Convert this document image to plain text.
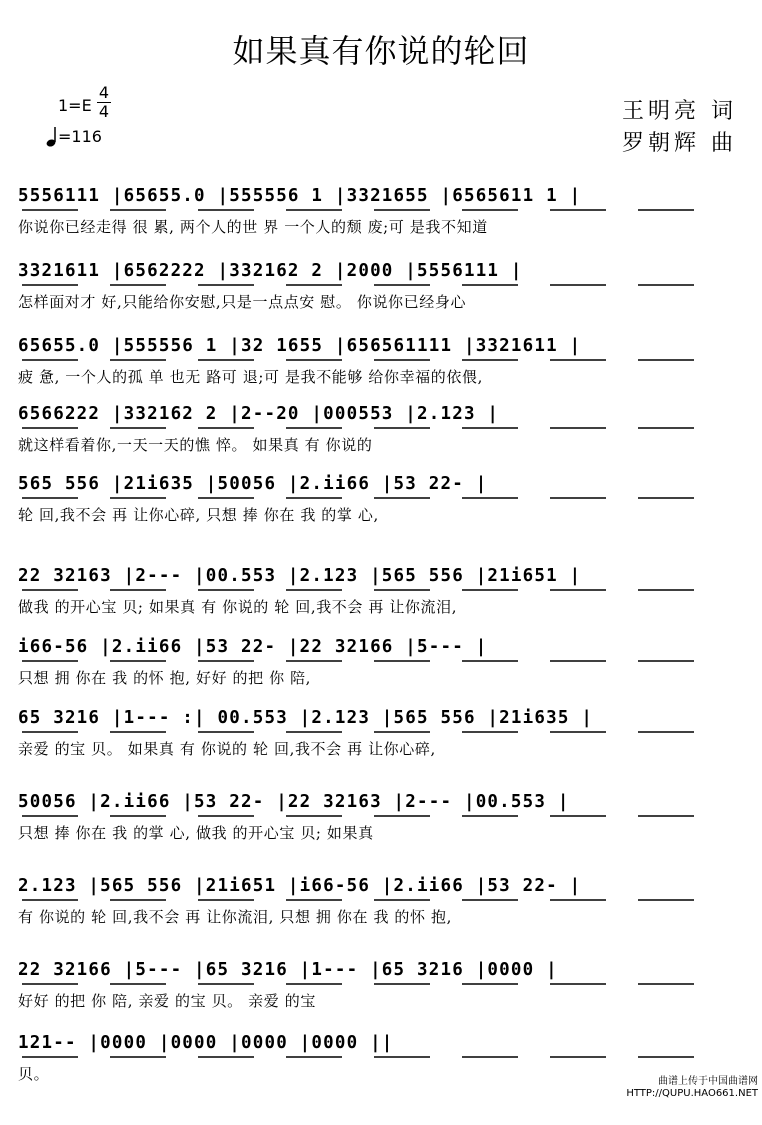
如果真有你说的轮回
1=E
4
4
=116
王明亮 词
罗朝辉 曲
5556111 |65655.0 |555556 1 |3321655 |6565611 1 |
你说你已经走得 很 累, 两个人的世 界 一个人的颓 废;可 是我不知道
3321611 |6562222 |332162 2 |2000 |5556111 |
怎样面对才 好,只能给你安慰,只是一点点安 慰。 你说你已经身心
65655.0 |555556 1 |32 1655 |656561111 |3321611 |
疲 惫, 一个人的孤 单 也无 路可 退;可 是我不能够 给你幸福的依偎,
6566222 |332162 2 |2--20 |000553 |2.123 |
就这样看着你,一天一天的憔 悴。 如果真 有 你说的
565 556 |21i635 |50056 |2.ii66 |53 22- |
轮 回,我不会 再 让你心碎, 只想 捧 你在 我 的掌 心,
22 32163 |2--- |00.553 |2.123 |565 556 |21i651 |
做我 的开心宝 贝; 如果真 有 你说的 轮 回,我不会 再 让你流泪,
i66-56 |2.ii66 |53 22- |22 32166 |5--- |
只想 拥 你在 我 的怀 抱, 好好 的把 你 陪,
65 3216 |1--- :| 00.553 |2.123 |565 556 |21i635 |
亲爱 的宝 贝。 如果真 有 你说的 轮 回,我不会 再 让你心碎,
50056 |2.ii66 |53 22- |22 32163 |2--- |00.553 |
只想 捧 你在 我 的掌 心, 做我 的开心宝 贝; 如果真
2.123 |565 556 |21i651 |i66-56 |2.ii66 |53 22- |
有 你说的 轮 回,我不会 再 让你流泪, 只想 拥 你在 我 的怀 抱,
22 32166 |5--- |65 3216 |1--- |65 3216 |0000 |
好好 的把 你 陪, 亲爱 的宝 贝。 亲爱 的宝
121-- |0000 |0000 |0000 |0000 ||
贝。	曲谱上传于中国曲谱网
HTTP://QUPU.HAO661.NET
